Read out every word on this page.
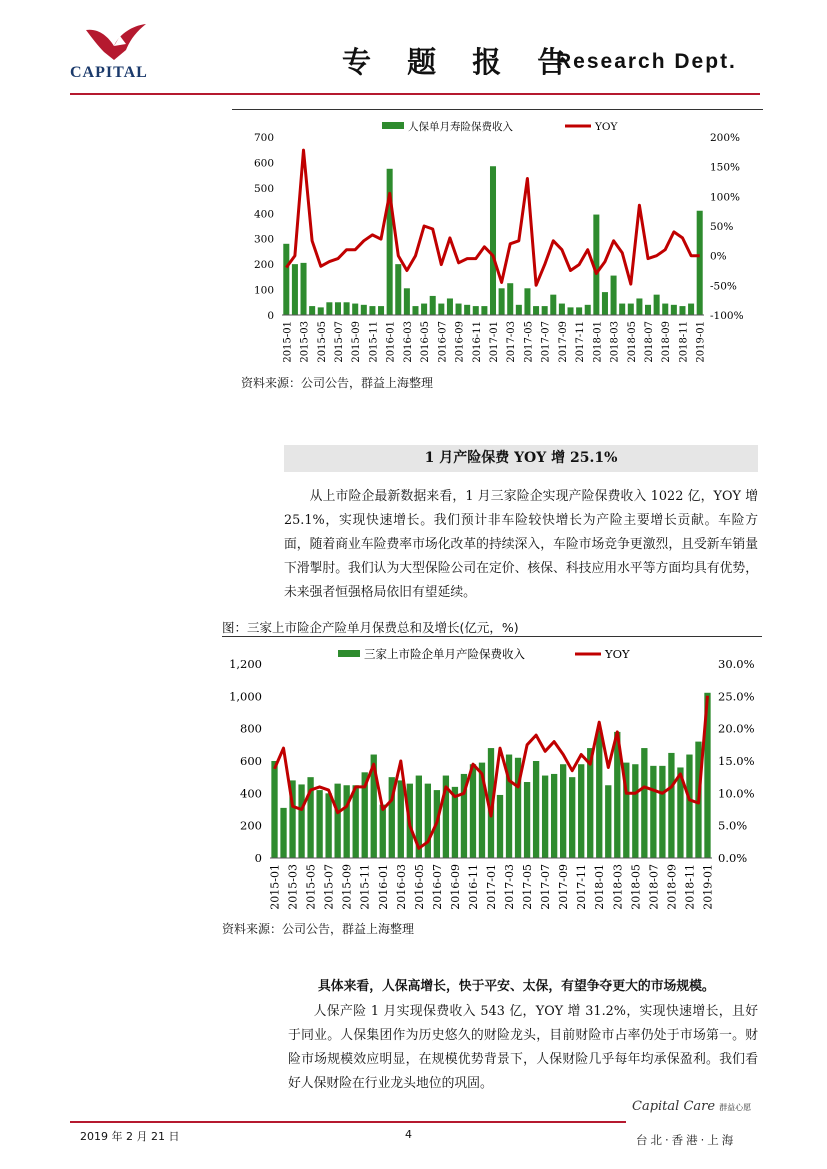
CAPITAL	专 题 报 告
Research Dept.
0
100
200
300
400
500
600
700
-100%
-50%
0%
50%
100%
150%
200%
2015-01 2015-03 2015-05 2015-07 2015-09 2015-11 2016-01 2016-03 2016-05 2016-07 2016-09 2016-11 2017-01 2017-03 2017-05 2017-07 2017-09 2017-11 2018-01 2018-03 2018-05 2018-07 2018-09 2018-11 2019-01
人保单月寿险保费收入	YOY
资料来源：公司公告，群益上海整理
1 月产险保费 YOY 增 25.1%
从上市险企最新数据来看，1 月三家险企实现产险保费收入 1022 亿，YOY 增 25.1%，实现快速增长。我们预计非车险较快增长为产险主要增长贡献。车险方面，随着商业车险费率市场化改革的持续深入，车险市场竞争更激烈，且受新车销量下滑掣肘。我们认为大型保险公司在定价、核保、科技应用水平等方面均具有优势，未来强者恒强格局依旧有望延续。
图：三家上市险企产险单月保费总和及增长(亿元，%)
0
200
400
600
800
1,000
1,200
0.0%
5.0%
10.0%
15.0%
20.0%
25.0%
30.0%
2015-01 2015-03 2015-05 2015-07 2015-09 2015-11 2016-01 2016-03 2016-05 2016-07 2016-09 2016-11 2017-01 2017-03 2017-05 2017-07 2017-09 2017-11 2018-01 2018-03 2018-05 2018-07 2018-09 2018-11 2019-01
三家上市险企单月产险保费收入	YOY
资料来源：公司公告，群益上海整理
具体来看，人保高增长，快于平安、太保，有望争夺更大的市场规模。
人保产险 1 月实现保费收入 543 亿，YOY 增 31.2%，实现快速增长，且好于同业。人保集团作为历史悠久的财险龙头，目前财险市占率仍处于市场第一。财险市场规模效应明显，在规模优势背景下，人保财险几乎每年均承保盈利。我们看好人保财险在行业龙头地位的巩固。
Capital Care 群益心愿
2019 年 2 月 21 日	4	台北·香港·上海
